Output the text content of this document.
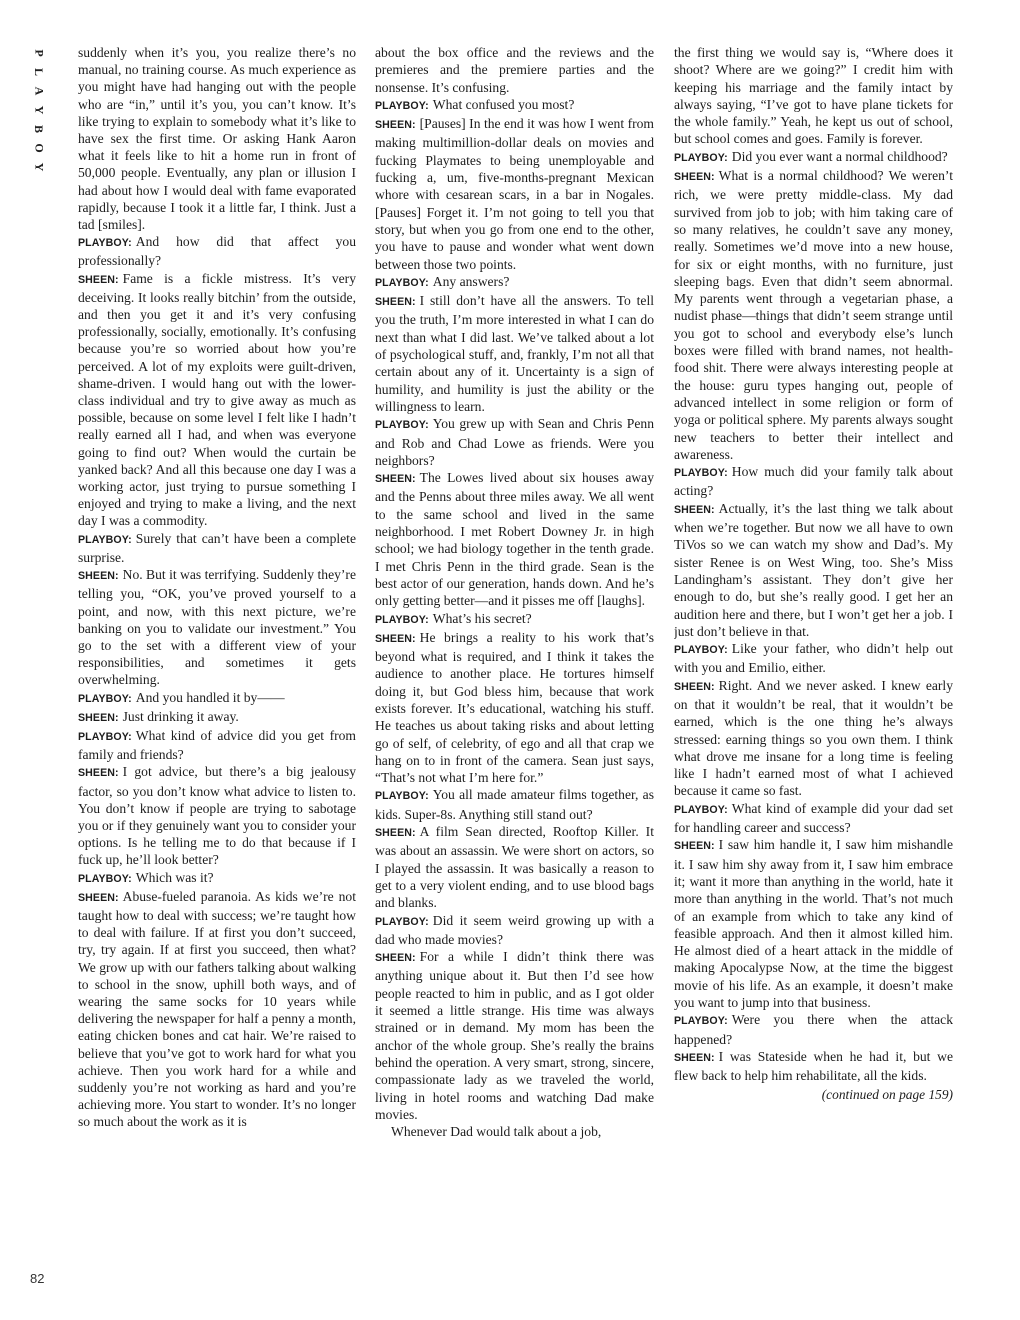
P
L
A
Y
B
O
Y

suddenly when it’s you, you realize there’s no manual, no training course. As much experience as you might have had hanging out with the people who are “in,” until it’s you, you can’t know. It’s like trying to explain to somebody what it’s like to have sex the first time. Or asking Hank Aaron what it feels like to hit a home run in front of 50,000 people. Eventually, any plan or illusion I had about how I would deal with fame evaporated rapidly, because I took it a little far, I think. Just a tad [smiles].

PLAYBOY: And how did that affect you professionally?

SHEEN: Fame is a fickle mistress. It’s very deceiving. It looks really bitchin’ from the outside, and then you get it and it’s very confusing professionally, socially, emotionally. It’s confusing because you’re so worried about how you’re perceived. A lot of my exploits were guilt-driven, shame-driven. I would hang out with the lower-class individual and try to give away as much as possible, because on some level I felt like I hadn’t really earned all I had, and when was everyone going to find out? When would the curtain be yanked back? And all this because one day I was a working actor, just trying to pursue something I enjoyed and trying to make a living, and the next day I was a commodity.

PLAYBOY: Surely that can’t have been a complete surprise.

SHEEN: No. But it was terrifying. Suddenly they’re telling you, “OK, you’ve proved yourself to a point, and now, with this next picture, we’re banking on you to validate our investment.” You go to the set with a different view of your responsibilities, and sometimes it gets overwhelming.

PLAYBOY: And you handled it by——

SHEEN: Just drinking it away.

PLAYBOY: What kind of advice did you get from family and friends?

SHEEN: I got advice, but there’s a big jealousy factor, so you don’t know what advice to listen to. You don’t know if people are trying to sabotage you or if they genuinely want you to consider your options. Is he telling me to do that because if I fuck up, he’ll look better?

PLAYBOY: Which was it?

SHEEN: Abuse-fueled paranoia. As kids we’re not taught how to deal with success; we’re taught how to deal with failure. If at first you don’t succeed, try, try again. If at first you succeed, then what? We grow up with our fathers talking about walking to school in the snow, uphill both ways, and of wearing the same socks for 10 years while delivering the newspaper for half a penny a month, eating chicken bones and cat hair. We’re raised to believe that you’ve got to work hard for what you achieve. Then you work hard for a while and suddenly you’re not working as hard and you’re achieving more. You start to wonder. It’s no longer so much about the work as it is

about the box office and the reviews and the premieres and the premiere parties and the nonsense. It’s confusing.

PLAYBOY: What confused you most?

SHEEN: [Pauses] In the end it was how I went from making multimillion-dollar deals on movies and fucking Playmates to being unemployable and fucking a, um, five-months-pregnant Mexican whore with cesarean scars, in a bar in Nogales. [Pauses] Forget it. I’m not going to tell you that story, but when you go from one end to the other, you have to pause and wonder what went down between those two points.

PLAYBOY: Any answers?

SHEEN: I still don’t have all the answers. To tell you the truth, I’m more interested in what I can do next than what I did last. We’ve talked about a lot of psychological stuff, and, frankly, I’m not all that certain about any of it. Uncertainty is a sign of humility, and humility is just the ability or the willingness to learn.

PLAYBOY: You grew up with Sean and Chris Penn and Rob and Chad Lowe as friends. Were you neighbors?

SHEEN: The Lowes lived about six houses away and the Penns about three miles away. We all went to the same school and lived in the same neighborhood. I met Robert Downey Jr. in high school; we had biology together in the tenth grade. I met Chris Penn in the third grade. Sean is the best actor of our generation, hands down. And he’s only getting better—and it pisses me off [laughs].

PLAYBOY: What’s his secret?

SHEEN: He brings a reality to his work that’s beyond what is required, and I think it takes the audience to another place. He tortures himself doing it, but God bless him, because that work exists forever. It’s educational, watching his stuff. He teaches us about taking risks and about letting go of self, of celebrity, of ego and all that crap we hang on to in front of the camera. Sean just says, “That’s not what I’m here for.”

PLAYBOY: You all made amateur films together, as kids. Super-8s. Anything still stand out?

SHEEN: A film Sean directed, Rooftop Killer. It was about an assassin. We were short on actors, so I played the assassin. It was basically a reason to get to a very violent ending, and to use blood bags and blanks.

PLAYBOY: Did it seem weird growing up with a dad who made movies?

SHEEN: For a while I didn’t think there was anything unique about it. But then I’d see how people reacted to him in public, and as I got older it seemed a little strange. His time was always strained or in demand. My mom has been the anchor of the whole group. She’s really the brains behind the operation. A very smart, strong, sincere, compassionate lady as we traveled the world, living in hotel rooms and watching Dad make movies.

Whenever Dad would talk about a job,

the first thing we would say is, “Where does it shoot? Where are we going?” I credit him with keeping his marriage and the family intact by always saying, “I’ve got to have plane tickets for the whole family.” Yeah, he kept us out of school, but school comes and goes. Family is forever.

PLAYBOY: Did you ever want a normal childhood?

SHEEN: What is a normal childhood? We weren’t rich, we were pretty middle-class. My dad survived from job to job; with him taking care of so many relatives, he couldn’t save any money, really. Sometimes we’d move into a new house, for six or eight months, with no furniture, just sleeping bags. Even that didn’t seem abnormal. My parents went through a vegetarian phase, a nudist phase—things that didn’t seem strange until you got to school and everybody else’s lunch boxes were filled with brand names, not health-food shit. There were always interesting people at the house: guru types hanging out, people of advanced intellect in some religion or form of yoga or political sphere. My parents always sought new teachers to better their intellect and awareness.

PLAYBOY: How much did your family talk about acting?

SHEEN: Actually, it’s the last thing we talk about when we’re together. But now we all have to own TiVos so we can watch my show and Dad’s. My sister Renee is on West Wing, too. She’s Miss Landingham’s assistant. They don’t give her enough to do, but she’s really good. I get her an audition here and there, but I won’t get her a job. I just don’t believe in that.

PLAYBOY: Like your father, who didn’t help out with you and Emilio, either.

SHEEN: Right. And we never asked. I knew early on that it wouldn’t be real, that it wouldn’t be earned, which is the one thing he’s always stressed: earning things so you own them. I think what drove me insane for a long time is feeling like I hadn’t earned most of what I achieved because it came so fast.

PLAYBOY: What kind of example did your dad set for handling career and success?

SHEEN: I saw him handle it, I saw him mishandle it. I saw him shy away from it, I saw him embrace it; want it more than anything in the world, hate it more than anything in the world. That’s not much of an example from which to take any kind of feasible approach. And then it almost killed him. He almost died of a heart attack in the middle of making Apocalypse Now, at the time the biggest movie of his life. As an example, it doesn’t make you want to jump into that business.

PLAYBOY: Were you there when the attack happened?

SHEEN: I was Stateside when he had it, but we flew back to help him rehabilitate, all the kids.

(continued on page 159)
82
